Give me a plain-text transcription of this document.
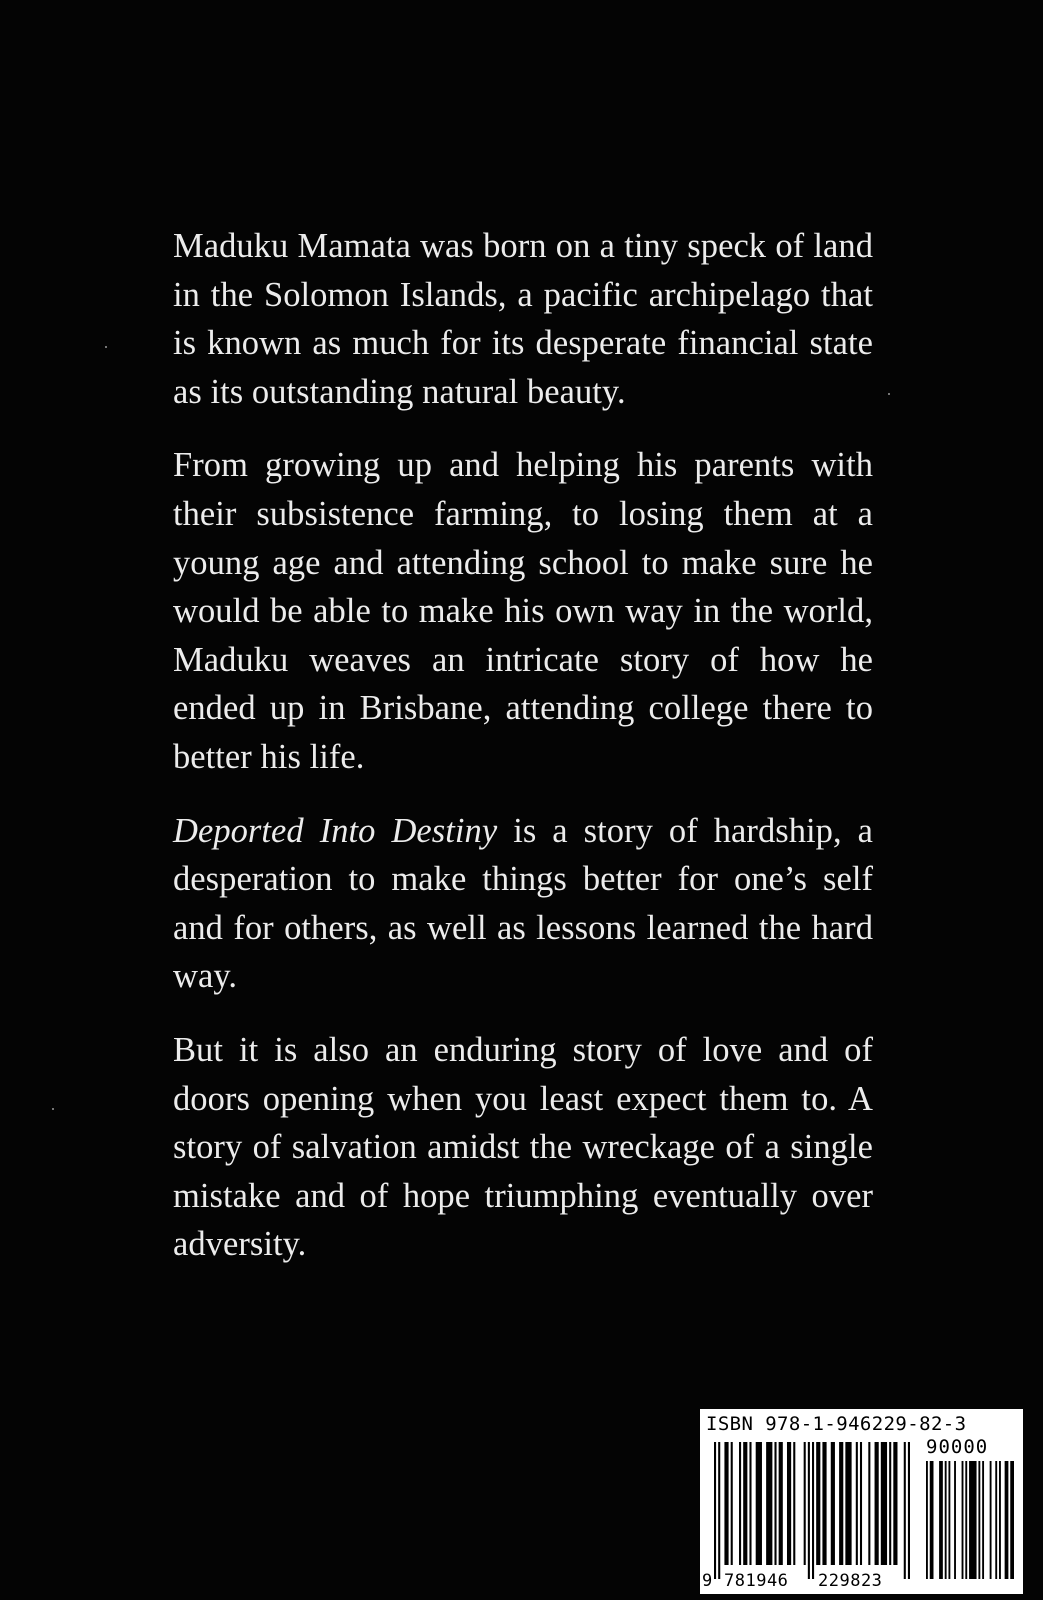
Maduku Mamata was born on a tiny speck of land in the Solomon Islands, a pacific archipelago that is known as much for its desperate financial state as its outstanding natural beauty.

From growing up and helping his parents with their subsistence farming, to losing them at a young age and attending school to make sure he would be able to make his own way in the world, Maduku weaves an intricate story of how he ended up in Brisbane, attending college there to better his life.

Deported Into Destiny is a story of hardship, a desperation to make things better for one’s self and for others, as well as lessons learned the hard way.

But it is also an enduring story of love and of doors opening when you least expect them to. A story of salvation amidst the wreckage of a single mistake and of hope triumphing eventually over adversity.

ISBN 978-1-946229-82-3
90000
9 781946 229823
